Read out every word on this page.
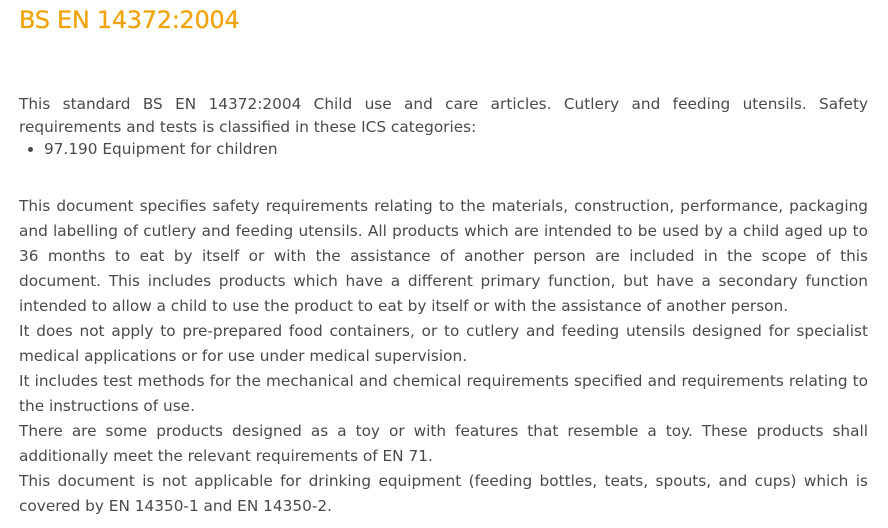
BS EN 14372:2004

This standard BS EN 14372:2004 Child use and care articles. Cutlery and feeding utensils. Safety requirements and tests is classified in these ICS categories:

• 97.190 Equipment for children

This document specifies safety requirements relating to the materials, construction, performance, packaging and labelling of cutlery and feeding utensils. All products which are intended to be used by a child aged up to 36 months to eat by itself or with the assistance of another person are included in the scope of this document. This includes products which have a different primary function, but have a secondary function intended to allow a child to use the product to eat by itself or with the assistance of another person.

It does not apply to pre-prepared food containers, or to cutlery and feeding utensils designed for specialist medical applications or for use under medical supervision.

It includes test methods for the mechanical and chemical requirements specified and requirements relating to the instructions of use.

There are some products designed as a toy or with features that resemble a toy. These products shall additionally meet the relevant requirements of EN 71.

This document is not applicable for drinking equipment (feeding bottles, teats, spouts, and cups) which is covered by EN 14350-1 and EN 14350-2.
